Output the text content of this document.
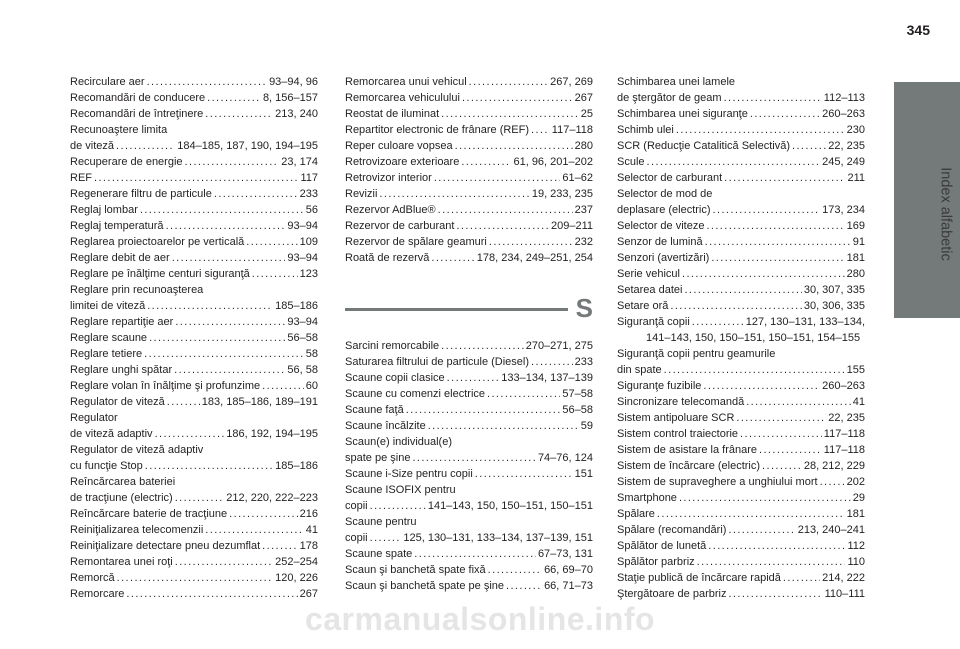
345
Index alfabetic
Recirculare aer .....	93–94, 96
Recomandări de conducere .....	8, 156–157
Recomandări de întreţinere .....	213, 240
Recunoaştere limita
de viteză .....	184–185, 187, 190, 194–195
Recuperare de energie .....	23, 174
REF .....	117
Regenerare filtru de particule .....	233
Reglaj lombar .....	56
Reglaj temperatură .....	93–94
Reglarea proiectoarelor pe verticală .....	109
Reglare debit de aer .....	93–94
Reglare pe înălţime centuri siguranţă .....	123
Reglare prin recunoaşterea
limitei de viteză .....	185–186
Reglare repartiţie aer .....	93–94
Reglare scaune .....	56–58
Reglare tetiere .....	58
Reglare unghi spătar .....	56, 58
Reglare volan în înălţime şi profunzime .....	60
Regulator de viteză .....	183, 185–186, 189–191
Regulator
de viteză adaptiv .....	186, 192, 194–195
Regulator de viteză adaptiv
cu funcţie Stop .....	185–186
Reîncărcarea bateriei
de tracţiune (electric) .....	212, 220, 222–223
Reîncărcare baterie de tracţiune .....	216
Reiniţializarea telecomenzii .....	41
Reiniţializare detectare pneu dezumflat .....	178
Remontarea unei roţi .....	252–254
Remorcă .....	120, 226
Remorcare .....	267
Remorcarea unui vehicul .....	267, 269
Remorcarea vehiculului .....	267
Reostat de iluminat .....	25
Repartitor electronic de frânare (REF) ..... 117–118
Reper culoare vopsea .....	280
Retrovizoare exterioare .....	61, 96, 201–202
Retrovizor interior .....	61–62
Revizii .....	19, 233, 235
Rezervor AdBlue® .....	237
Rezervor de carburant .....	209–211
Rezervor de spălare geamuri .....	232
Roată de rezervă .....	178, 234, 249–251, 254
S
Sarcini remorcabile .....	270–271, 275
Saturarea filtrului de particule (Diesel) .....	233
Scaune copii clasice .....	133–134, 137–139
Scaune cu comenzi electrice .....	57–58
Scaune faţă .....	56–58
Scaune încălzite .....	59
Scaun(e) individual(e)
spate pe şine .....	74–76, 124
Scaune i-Size pentru copii .....	151
Scaune ISOFIX pentru
copii .....	141–143, 150, 150–151, 150–151
Scaune pentru
copii .....	125, 130–131, 133–134, 137–139, 151
Scaune spate .....	67–73, 131
Scaun şi banchetă spate fixă .....	66, 69–70
Scaun şi banchetă spate pe şine .....	66, 71–73
Schimbarea unei lamele
de ştergător de geam .....	112–113
Schimbarea unei siguranţe .....	260–263
Schimb ulei .....	230
SCR (Reducţie Catalitică Selectivă) .....	22, 235
Scule .....	245, 249
Selector de carburant .....	211
Selector de mod de
deplasare (electric) .....	173, 234
Selector de viteze .....	169
Senzor de lumină .....	91
Senzori (avertizări) .....	181
Serie vehicul .....	280
Setarea datei .....	30, 307, 335
Setare oră .....	30, 306, 335
Siguranţă copii .....	127, 130–131, 133–134,
141–143, 150, 150–151, 150–151, 154–155
Siguranţă copii pentru geamurile
din spate .....	155
Siguranţe fuzibile .....	260–263
Sincronizare telecomandă .....	41
Sistem antipoluare SCR .....	22, 235
Sistem control traiectorie .....	117–118
Sistem de asistare la frânare .....	117–118
Sistem de încărcare (electric) .....	28, 212, 229
Sistem de supraveghere a unghiului mort .....	202
Smartphone .....	29
Spălare .....	181
Spălare (recomandări) .....	213, 240–241
Spălător de lunetă .....	112
Spălător parbriz .....	110
Staţie publică de încărcare rapidă .....	214, 222
Ştergătoare de parbriz .....	110–111
carmanualsonline.info
